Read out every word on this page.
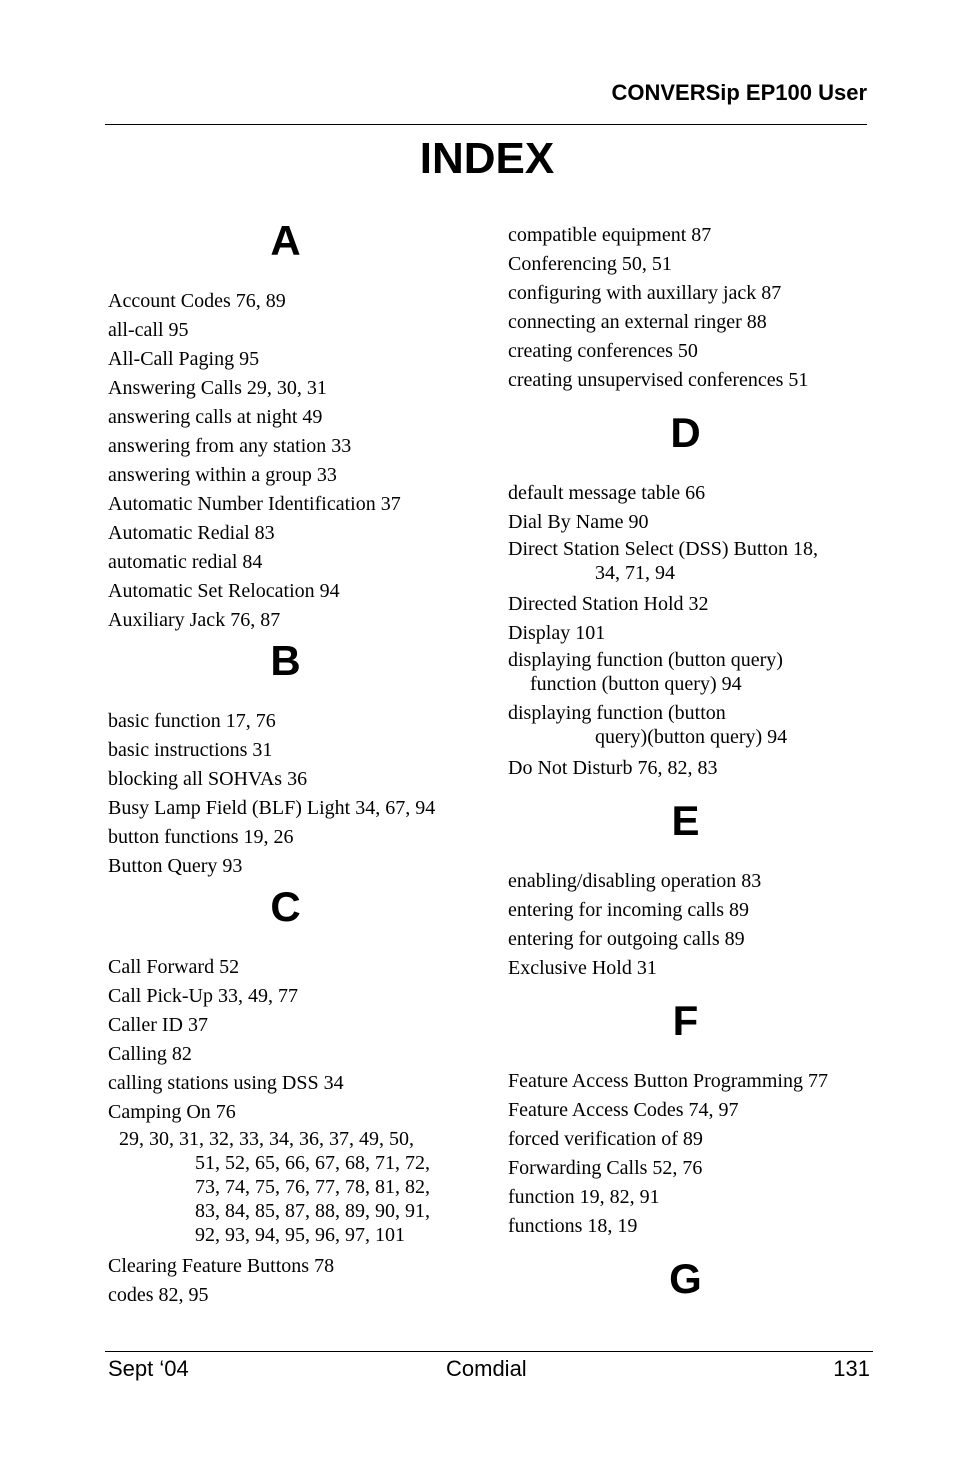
CONVERSip EP100 User
INDEX
A
Account Codes 76, 89
all-call 95
All-Call Paging 95
Answering Calls 29, 30, 31
answering calls at night 49
answering from any station 33
answering within a group 33
Automatic Number Identification 37
Automatic Redial 83
automatic redial 84
Automatic Set Relocation 94
Auxiliary Jack 76, 87
B
basic function 17, 76
basic instructions 31
blocking all SOHVAs 36
Busy Lamp Field (BLF) Light 34, 67, 94
button functions 19, 26
Button Query 93
C
Call Forward 52
Call Pick-Up 33, 49, 77
Caller ID 37
Calling 82
calling stations using DSS 34
Camping On 76
29, 30, 31, 32, 33, 34, 36, 37, 49, 50,
51, 52, 65, 66, 67, 68, 71, 72,
73, 74, 75, 76, 77, 78, 81, 82,
83, 84, 85, 87, 88, 89, 90, 91,
92, 93, 94, 95, 96, 97, 101
Clearing Feature Buttons 78
codes 82, 95
compatible equipment 87
Conferencing 50, 51
configuring with auxillary jack 87
connecting an external ringer 88
creating conferences 50
creating unsupervised conferences 51
D
default message table 66
Dial By Name 90
Direct Station Select (DSS) Button 18,
34, 71, 94
Directed Station Hold 32
Display 101
displaying function (button query)
function (button query) 94
displaying function (button
query)(button query) 94
Do Not Disturb 76, 82, 83
E
enabling/disabling operation 83
entering for incoming calls 89
entering for outgoing calls 89
Exclusive Hold 31
F
Feature Access Button Programming 77
Feature Access Codes 74, 97
forced verification of 89
Forwarding Calls 52, 76
function 19, 82, 91
functions 18, 19
G
Sept ‘04	Comdial	131
